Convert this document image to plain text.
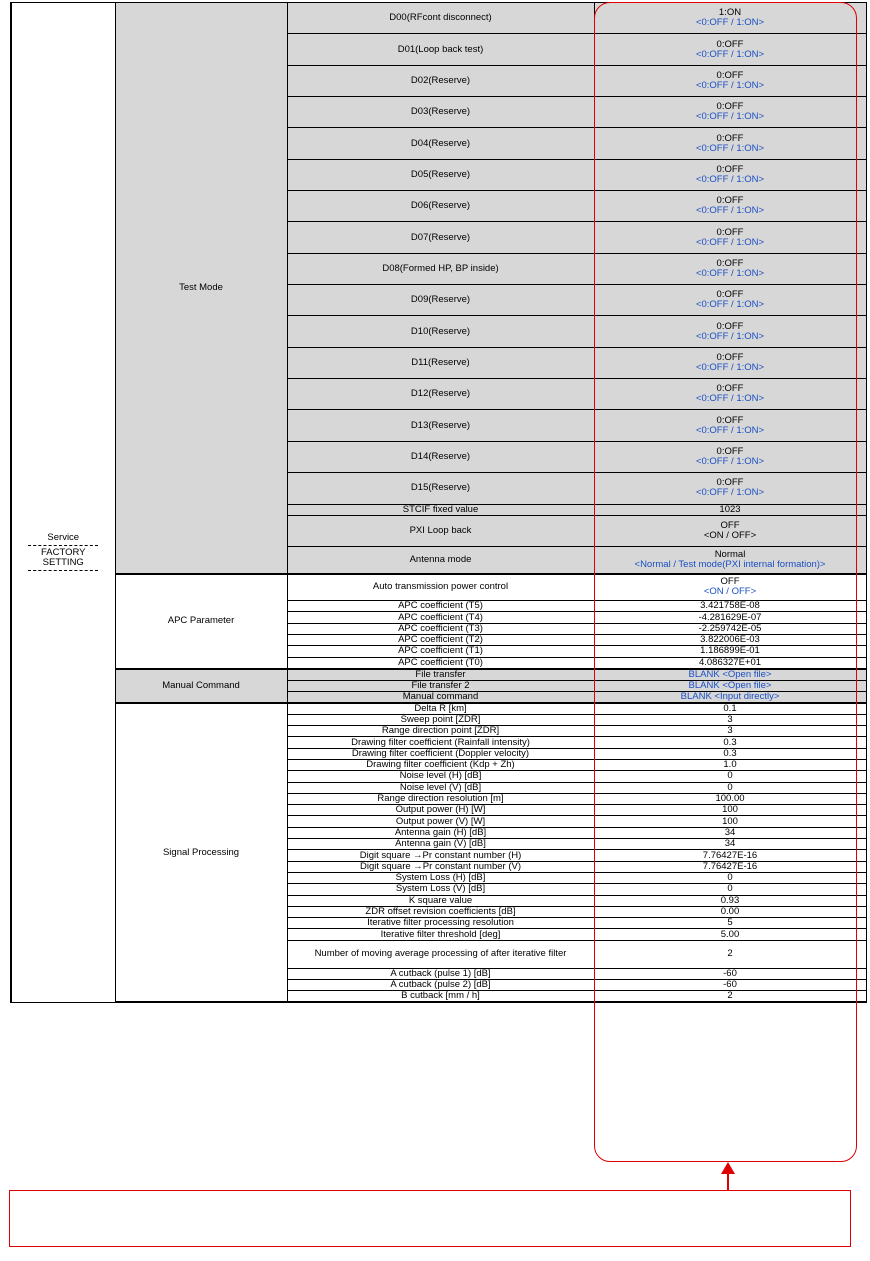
Service
FACTORY SETTING	Test Mode	D00(RFcont disconnect)	1:ON
<0:OFF / 1:ON>

		D01(Loop back test)	0:OFF
<0:OFF / 1:ON>

		D02(Reserve)	0:OFF
<0:OFF / 1:ON>

		D03(Reserve)	0:OFF
<0:OFF / 1:ON>

		D04(Reserve)	0:OFF
<0:OFF / 1:ON>

		D05(Reserve)	0:OFF
<0:OFF / 1:ON>

		D06(Reserve)	0:OFF
<0:OFF / 1:ON>

		D07(Reserve)	0:OFF
<0:OFF / 1:ON>

		D08(Formed HP, BP inside)	0:OFF
<0:OFF / 1:ON>

		D09(Reserve)	0:OFF
<0:OFF / 1:ON>

		D10(Reserve)	0:OFF
<0:OFF / 1:ON>

		D11(Reserve)	0:OFF
<0:OFF / 1:ON>

		D12(Reserve)	0:OFF
<0:OFF / 1:ON>

		D13(Reserve)	0:OFF
<0:OFF / 1:ON>

		D14(Reserve)	0:OFF
<0:OFF / 1:ON>

		D15(Reserve)	0:OFF
<0:OFF / 1:ON>

		STCIF fixed value	1023

		PXI Loop back	OFF
<ON / OFF>

		Antenna mode	Normal
<Normal / Test mode(PXI internal formation)>

	APC Parameter	Auto transmission power control	OFF
<ON / OFF>

		APC coefficient (T5)	3.421758E-08

		APC coefficient (T4)	-4.281629E-07

		APC coefficient (T3)	-2.259742E-05

		APC coefficient (T2)	3.822006E-03

		APC coefficient (T1)	1.186899E-01

		APC coefficient (T0)	4.086327E+01

	Manual Command	File transfer	BLANK <Open file>

		File transfer 2	BLANK <Open file>

		Manual command	BLANK <Input directly>

	Signal Processing	Delta R [km]	0.1

		Sweep point [ZDR]	3

		Range direction point [ZDR]	3

		Drawing filter coefficient (Rainfall intensity)	0.3

		Drawing filter coefficient (Doppler velocity)	0.3

		Drawing filter coefficient (Kdp + Zh)	1.0

		Noise level (H) [dB]	0

		Noise level (V) [dB]	0

		Range direction resolution [m]	100.00

		Output power (H) [W]	100

		Output power (V) [W]	100

		Antenna gain (H) [dB]	34

		Antenna gain (V) [dB]	34

		Digit square →Pr constant number (H)	7.76427E-16

		Digit square →Pr constant number (V)	7.76427E-16

		System Loss (H) [dB]	0

		System Loss (V) [dB]	0

		K square value	0.93

		ZDR offset revision coefficients [dB]	0.00

		Iterative filter processing resolution	5

		Iterative filter threshold [deg]	5.00

		Number of moving average processing of after iterative filter	2

		A cutback (pulse 1) [dB]	-60

		A cutback (pulse 2) [dB]	-60

		B cutback [mm / h]	2
